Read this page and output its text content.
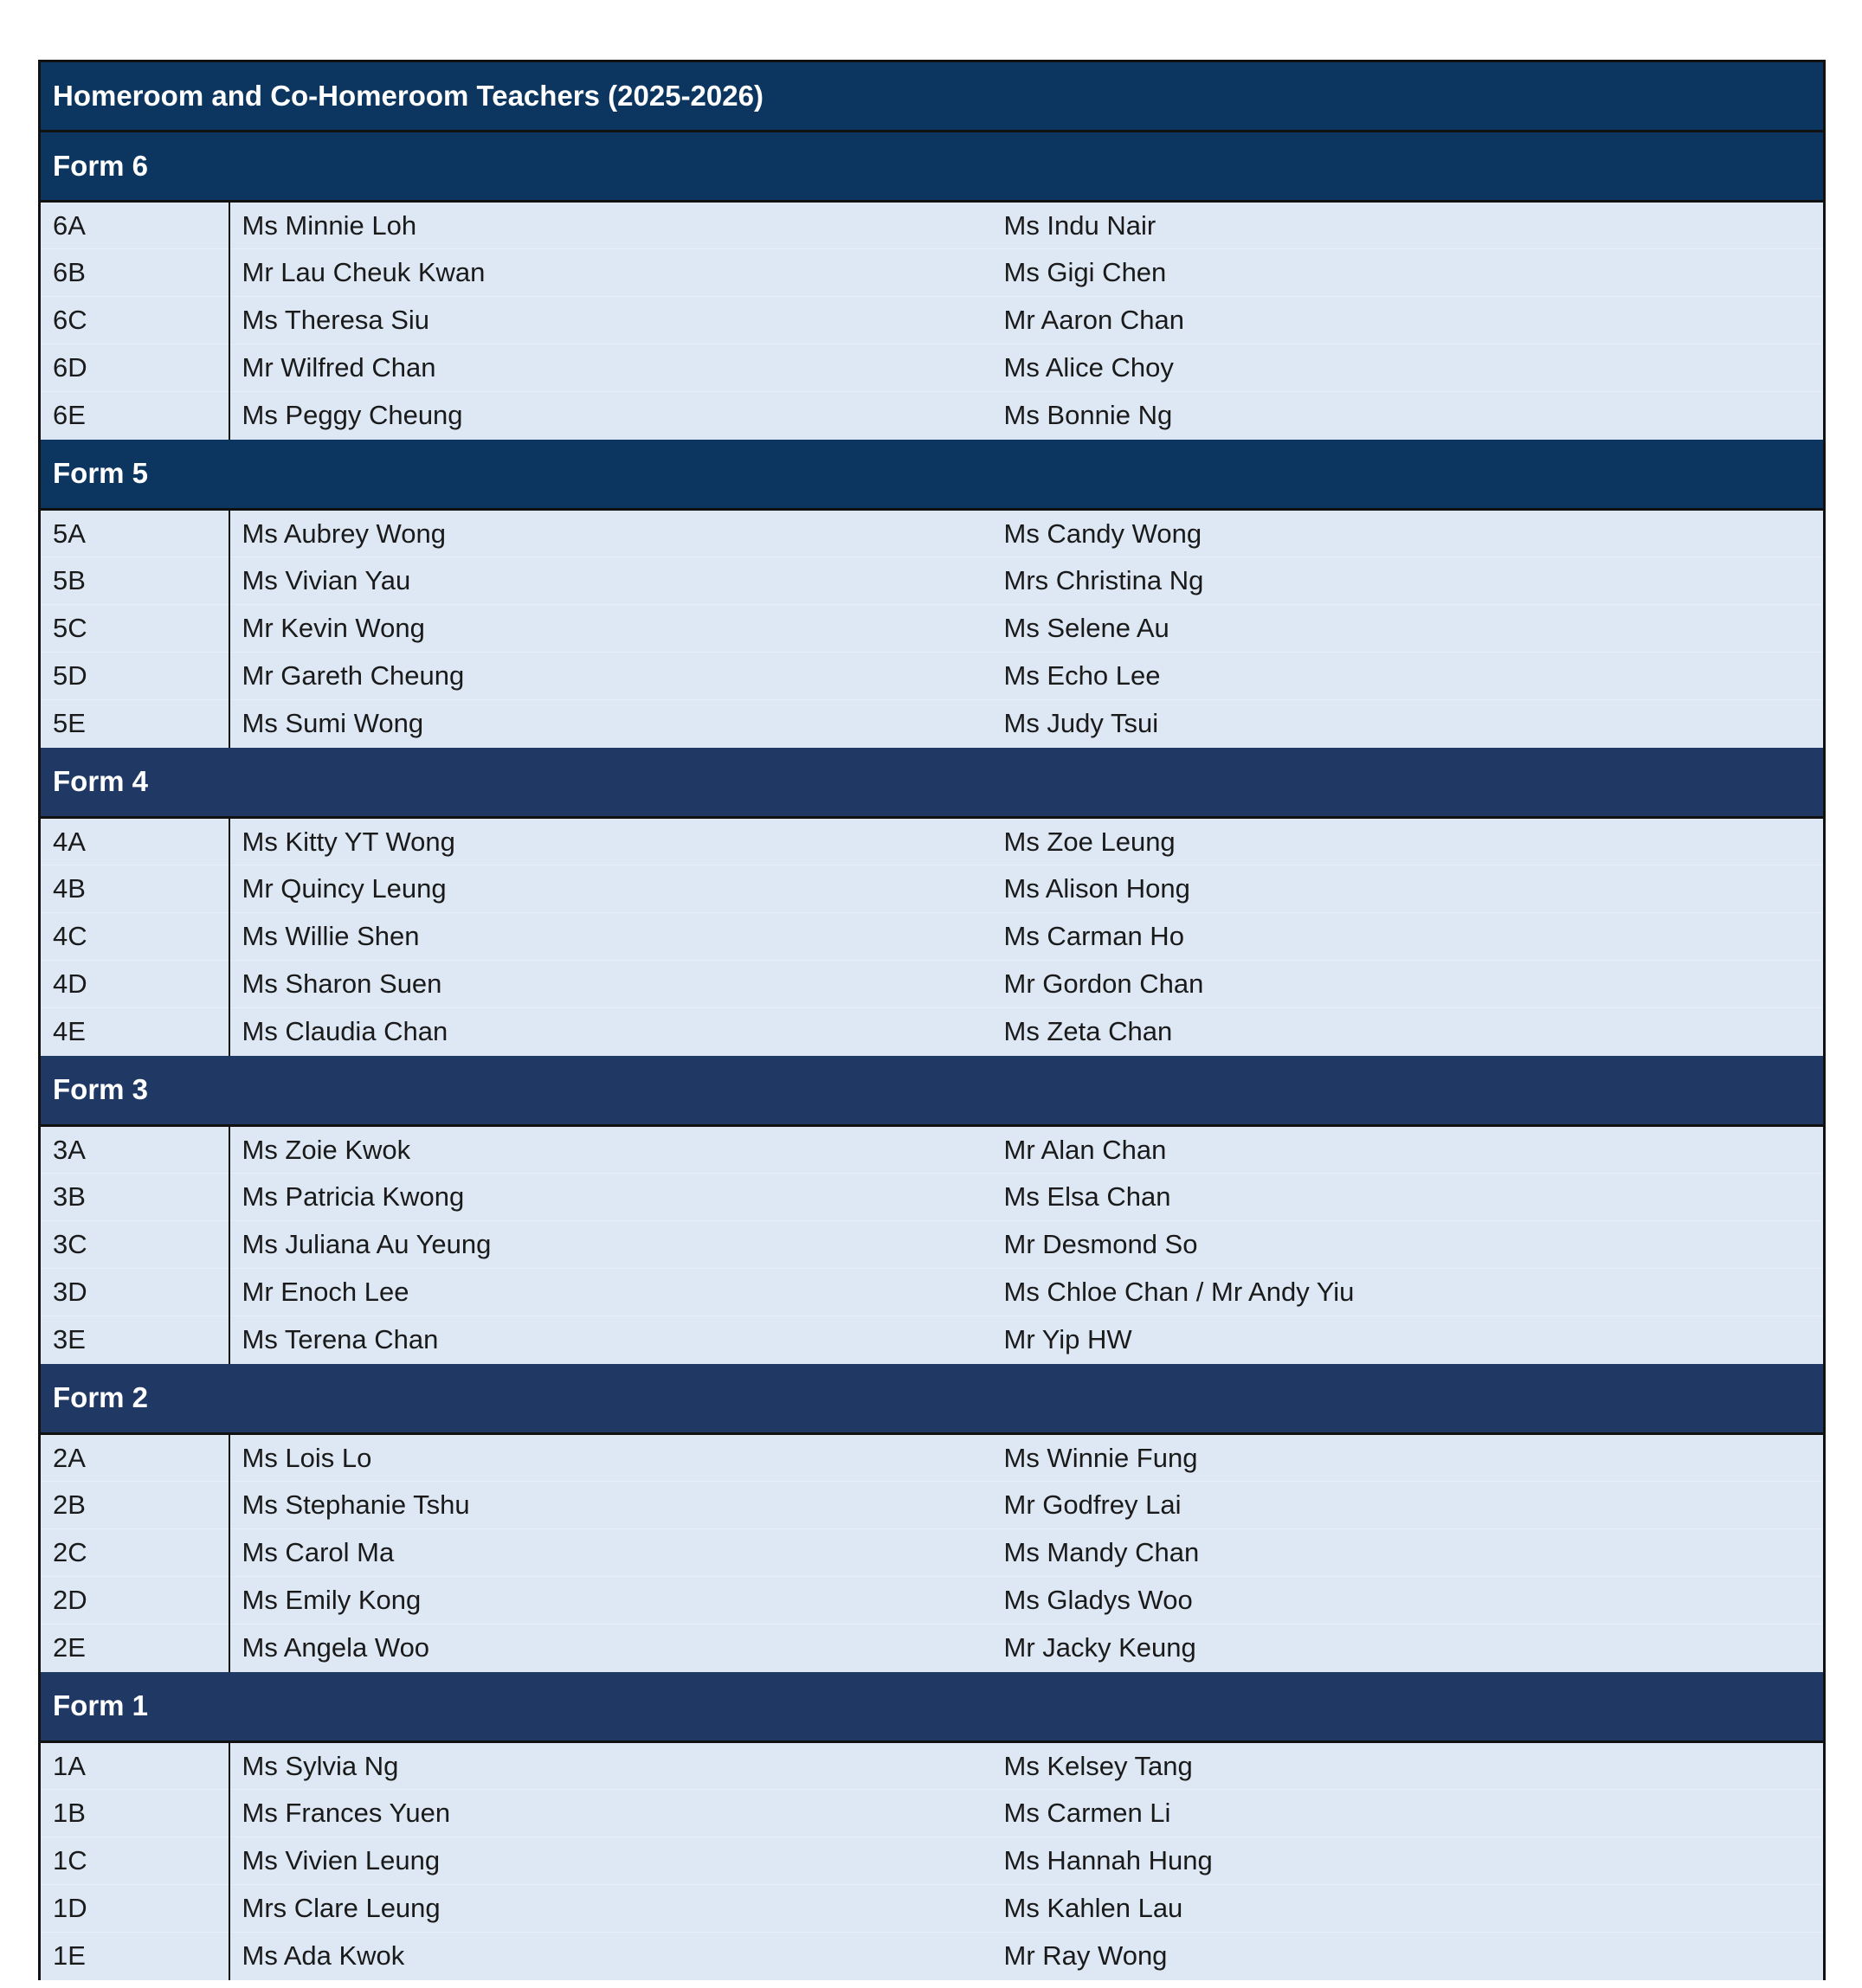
Homeroom and Co-Homeroom Teachers (2025-2026)		
Form 6		
6A	Ms Minnie Loh	Ms Indu Nair
6B	Mr Lau Cheuk Kwan	Ms Gigi Chen
6C	Ms Theresa Siu	Mr Aaron Chan
6D	Mr Wilfred Chan	Ms Alice Choy
6E	Ms Peggy Cheung	Ms Bonnie Ng
Form 5		
5A	Ms Aubrey Wong	Ms Candy Wong
5B	Ms Vivian Yau	Mrs Christina Ng
5C	Mr Kevin Wong	Ms Selene Au
5D	Mr Gareth Cheung	Ms Echo Lee
5E	Ms Sumi Wong	Ms Judy Tsui
Form 4		
4A	Ms Kitty YT Wong	Ms Zoe Leung
4B	Mr Quincy Leung	Ms Alison Hong
4C	Ms Willie Shen	Ms Carman Ho
4D	Ms Sharon Suen	Mr Gordon Chan
4E	Ms Claudia Chan	Ms Zeta Chan
Form 3		
3A	Ms Zoie Kwok	Mr Alan Chan
3B	Ms Patricia Kwong	Ms Elsa Chan
3C	Ms Juliana Au Yeung	Mr Desmond So
3D	Mr Enoch Lee	Ms Chloe Chan / Mr Andy Yiu
3E	Ms Terena Chan	Mr Yip HW
Form 2		
2A	Ms Lois Lo	Ms Winnie Fung
2B	Ms Stephanie Tshu	Mr Godfrey Lai
2C	Ms Carol Ma	Ms Mandy Chan
2D	Ms Emily Kong	Ms Gladys Woo
2E	Ms Angela Woo	Mr Jacky Keung
Form 1		
1A	Ms Sylvia Ng	Ms Kelsey Tang
1B	Ms Frances Yuen	Ms Carmen Li
1C	Ms Vivien Leung	Ms Hannah Hung
1D	Mrs Clare Leung	Ms Kahlen Lau
1E	Ms Ada Kwok	Mr Ray Wong
